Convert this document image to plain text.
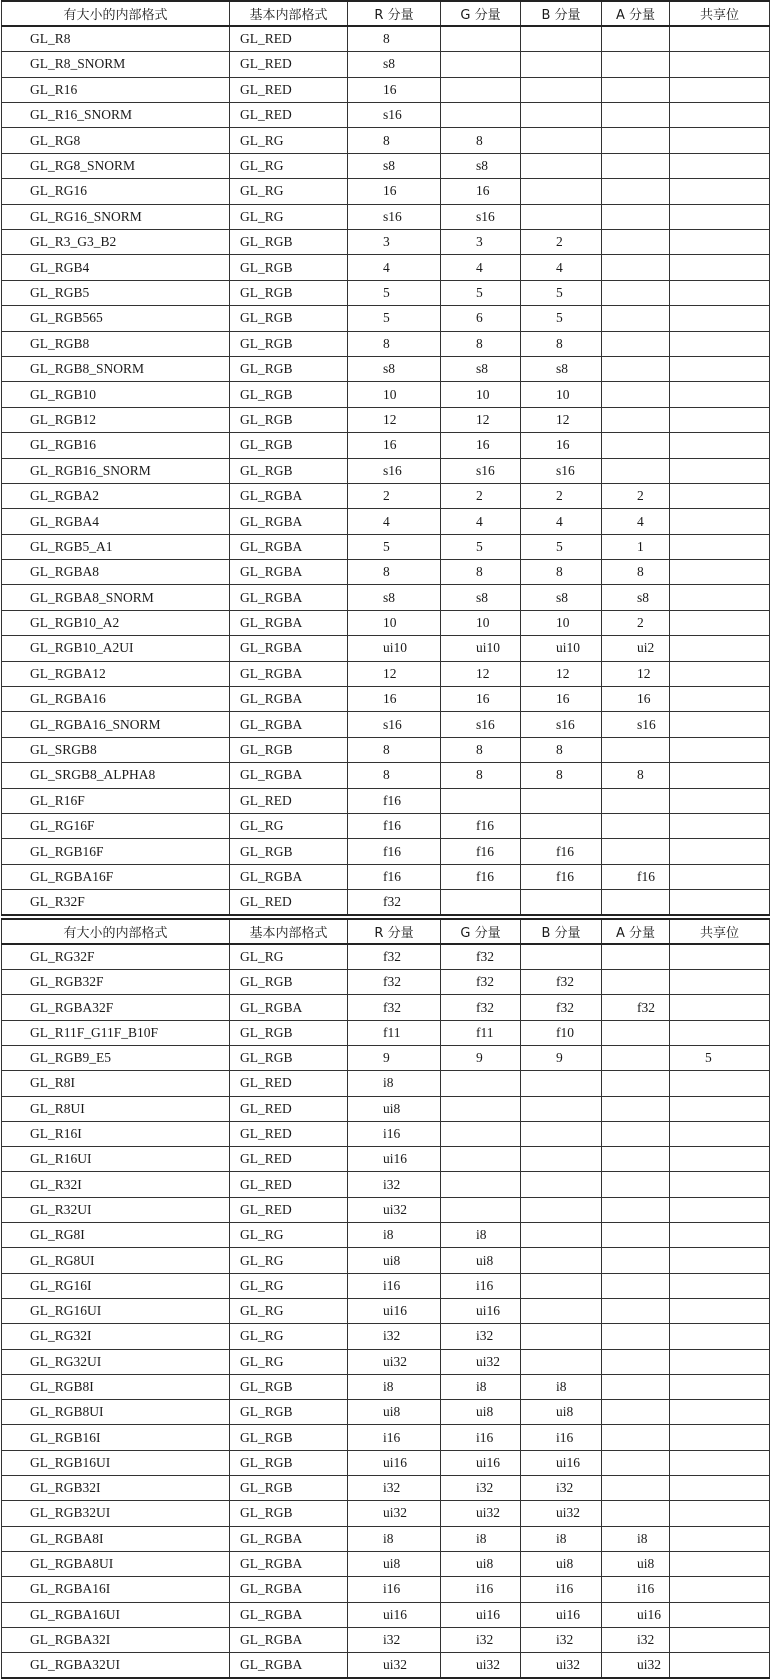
有大小的内部格式	基本内部格式	R 分量	G 分量	B 分量	A 分量	共享位
GL_R8	GL_RED	8				
GL_R8_SNORM	GL_RED	s8				
GL_R16	GL_RED	16				
GL_R16_SNORM	GL_RED	s16				
GL_RG8	GL_RG	8	8			
GL_RG8_SNORM	GL_RG	s8	s8			
GL_RG16	GL_RG	16	16			
GL_RG16_SNORM	GL_RG	s16	s16			
GL_R3_G3_B2	GL_RGB	3	3	2		
GL_RGB4	GL_RGB	4	4	4		
GL_RGB5	GL_RGB	5	5	5		
GL_RGB565	GL_RGB	5	6	5		
GL_RGB8	GL_RGB	8	8	8		
GL_RGB8_SNORM	GL_RGB	s8	s8	s8		
GL_RGB10	GL_RGB	10	10	10		
GL_RGB12	GL_RGB	12	12	12		
GL_RGB16	GL_RGB	16	16	16		
GL_RGB16_SNORM	GL_RGB	s16	s16	s16		
GL_RGBA2	GL_RGBA	2	2	2	2	
GL_RGBA4	GL_RGBA	4	4	4	4	
GL_RGB5_A1	GL_RGBA	5	5	5	1	
GL_RGBA8	GL_RGBA	8	8	8	8	
GL_RGBA8_SNORM	GL_RGBA	s8	s8	s8	s8	
GL_RGB10_A2	GL_RGBA	10	10	10	2	
GL_RGB10_A2UI	GL_RGBA	ui10	ui10	ui10	ui2	
GL_RGBA12	GL_RGBA	12	12	12	12	
GL_RGBA16	GL_RGBA	16	16	16	16	
GL_RGBA16_SNORM	GL_RGBA	s16	s16	s16	s16	
GL_SRGB8	GL_RGB	8	8	8		
GL_SRGB8_ALPHA8	GL_RGBA	8	8	8	8	
GL_R16F	GL_RED	f16				
GL_RG16F	GL_RG	f16	f16			
GL_RGB16F	GL_RGB	f16	f16	f16		
GL_RGBA16F	GL_RGBA	f16	f16	f16	f16	
GL_R32F	GL_RED	f32				
有大小的内部格式	基本内部格式	R 分量	G 分量	B 分量	A 分量	共享位
GL_RG32F	GL_RG	f32	f32			
GL_RGB32F	GL_RGB	f32	f32	f32		
GL_RGBA32F	GL_RGBA	f32	f32	f32	f32	
GL_R11F_G11F_B10F	GL_RGB	f11	f11	f10		
GL_RGB9_E5	GL_RGB	9	9	9		5
GL_R8I	GL_RED	i8				
GL_R8UI	GL_RED	ui8				
GL_R16I	GL_RED	i16				
GL_R16UI	GL_RED	ui16				
GL_R32I	GL_RED	i32				
GL_R32UI	GL_RED	ui32				
GL_RG8I	GL_RG	i8	i8			
GL_RG8UI	GL_RG	ui8	ui8			
GL_RG16I	GL_RG	i16	i16			
GL_RG16UI	GL_RG	ui16	ui16			
GL_RG32I	GL_RG	i32	i32			
GL_RG32UI	GL_RG	ui32	ui32			
GL_RGB8I	GL_RGB	i8	i8	i8		
GL_RGB8UI	GL_RGB	ui8	ui8	ui8		
GL_RGB16I	GL_RGB	i16	i16	i16		
GL_RGB16UI	GL_RGB	ui16	ui16	ui16		
GL_RGB32I	GL_RGB	i32	i32	i32		
GL_RGB32UI	GL_RGB	ui32	ui32	ui32		
GL_RGBA8I	GL_RGBA	i8	i8	i8	i8	
GL_RGBA8UI	GL_RGBA	ui8	ui8	ui8	ui8	
GL_RGBA16I	GL_RGBA	i16	i16	i16	i16	
GL_RGBA16UI	GL_RGBA	ui16	ui16	ui16	ui16	
GL_RGBA32I	GL_RGBA	i32	i32	i32	i32	
GL_RGBA32UI	GL_RGBA	ui32	ui32	ui32	ui32	
